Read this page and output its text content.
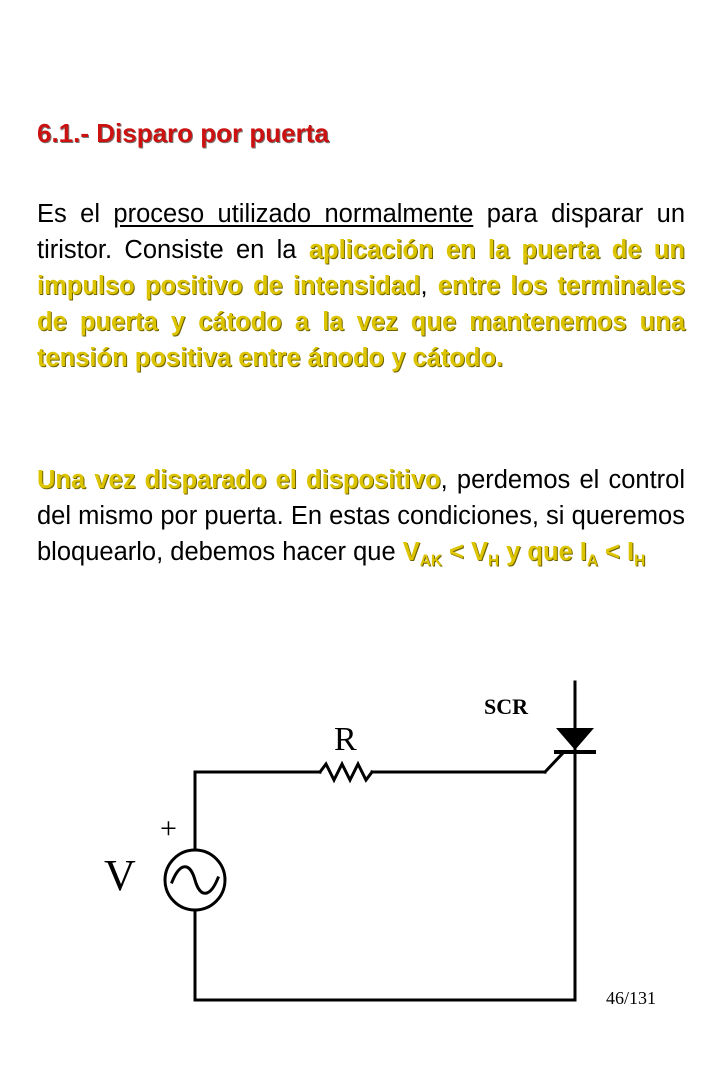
6.1.- Disparo por puerta

Es el proceso utilizado normalmente para disparar un tiristor. Consiste en la aplicación en la puerta de un impulso positivo de intensidad, entre los terminales de puerta y cátodo a la vez que mantenemos una tensión positiva entre ánodo y cátodo.

Una vez disparado el dispositivo, perdemos el control del mismo por puerta. En estas condiciones, si queremos bloquearlo, debemos hacer que $V_{AK} < V_H$ y que $I_A < I_H$

R
SCR
V
+
46/131
